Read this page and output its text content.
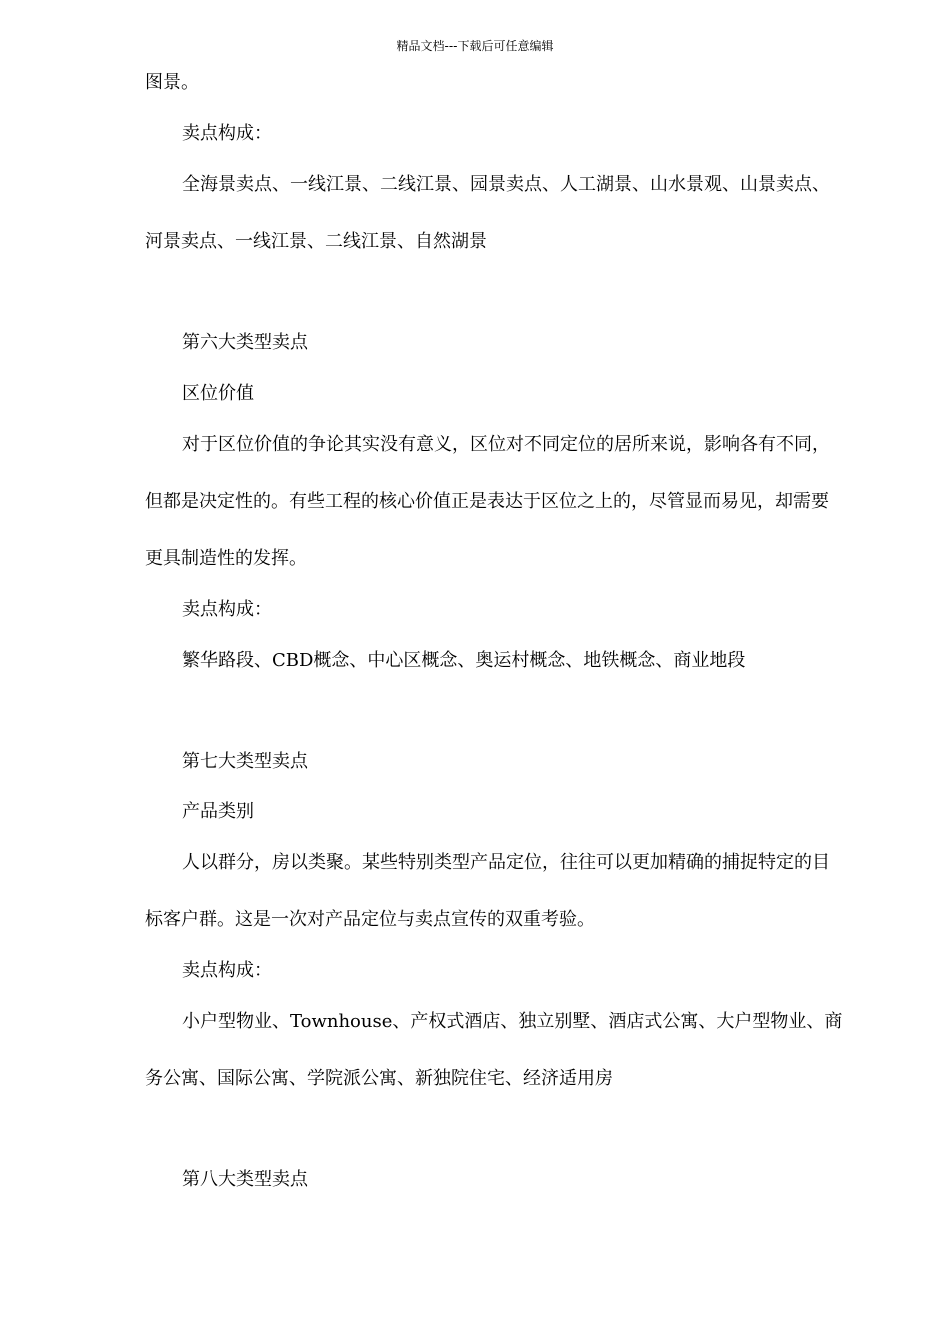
精品文档---下载后可任意编辑
图景。
卖点构成：
全海景卖点、一线江景、二线江景、园景卖点、人工湖景、山水景观、山景卖点、
河景卖点、一线江景、二线江景、自然湖景
第六大类型卖点
区位价值
对于区位价值的争论其实没有意义，区位对不同定位的居所来说，影响各有不同，
但都是决定性的。有些工程的核心价值正是表达于区位之上的，尽管显而易见，却需要
更具制造性的发挥。
卖点构成：
繁华路段、CBD概念、中心区概念、奥运村概念、地铁概念、商业地段
第七大类型卖点
产品类别
人以群分，房以类聚。某些特别类型产品定位，往往可以更加精确的捕捉特定的目
标客户群。这是一次对产品定位与卖点宣传的双重考验。
卖点构成：
小户型物业、Townhouse、产权式酒店、独立别墅、酒店式公寓、大户型物业、商
务公寓、国际公寓、学院派公寓、新独院住宅、经济适用房
第八大类型卖点
